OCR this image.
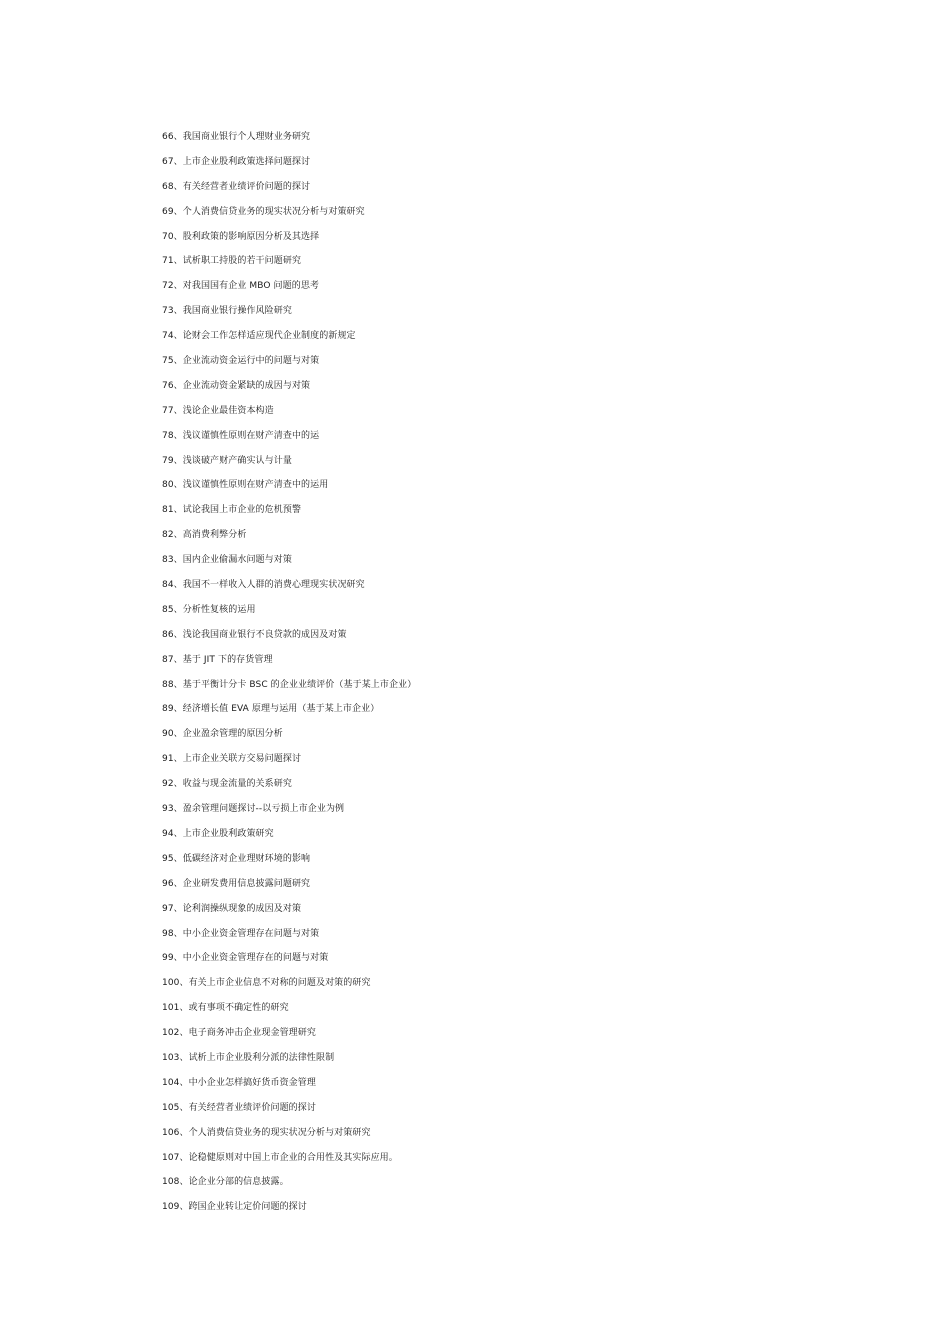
66、我国商业银行个人理财业务研究
67、上市企业股利政策选择问题探讨
68、有关经营者业绩评价问题的探讨
69、个人消费信贷业务的现实状况分析与对策研究
70、股利政策的影响原因分析及其选择
71、试析职工持股的若干问题研究
72、对我国国有企业 MBO 问题的思考
73、我国商业银行操作风险研究
74、论财会工作怎样适应现代企业制度的新规定
75、企业流动资金运行中的问题与对策
76、企业流动资金紧缺的成因与对策
77、浅论企业最佳资本构造
78、浅议谨慎性原则在财产清查中的运
79、浅谈破产财产确实认与计量
80、浅议谨慎性原则在财产清查中的运用
81、试论我国上市企业的危机预警
82、高消费利弊分析
83、国内企业偷漏水问题与对策
84、我国不一样收入人群的消费心理现实状况研究
85、分析性复核的运用
86、浅论我国商业银行不良贷款的成因及对策
87、基于 JIT 下的存货管理
88、基于平衡计分卡 BSC 的企业业绩评价（基于某上市企业）
89、经济增长值 EVA 原理与运用（基于某上市企业）
90、企业盈余管理的原因分析
91、上市企业关联方交易问题探讨
92、收益与现金流量的关系研究
93、盈余管理问题探讨--以亏损上市企业为例
94、上市企业股利政策研究
95、低碳经济对企业理财环境的影响
96、企业研发费用信息披露问题研究
97、论利润操纵现象的成因及对策
98、中小企业资金管理存在问题与对策
99、中小企业资金管理存在的问题与对策
100、有关上市企业信息不对称的问题及对策的研究
101、或有事项不确定性的研究
102、电子商务冲击企业现金管理研究
103、试析上市企业股利分派的法律性限制
104、中小企业怎样搞好货币资金管理
105、有关经营者业绩评价问题的探讨
106、个人消费信贷业务的现实状况分析与对策研究
107、论稳健原则对中国上市企业的合用性及其实际应用。
108、论企业分部的信息披露。
109、跨国企业转让定价问题的探讨
